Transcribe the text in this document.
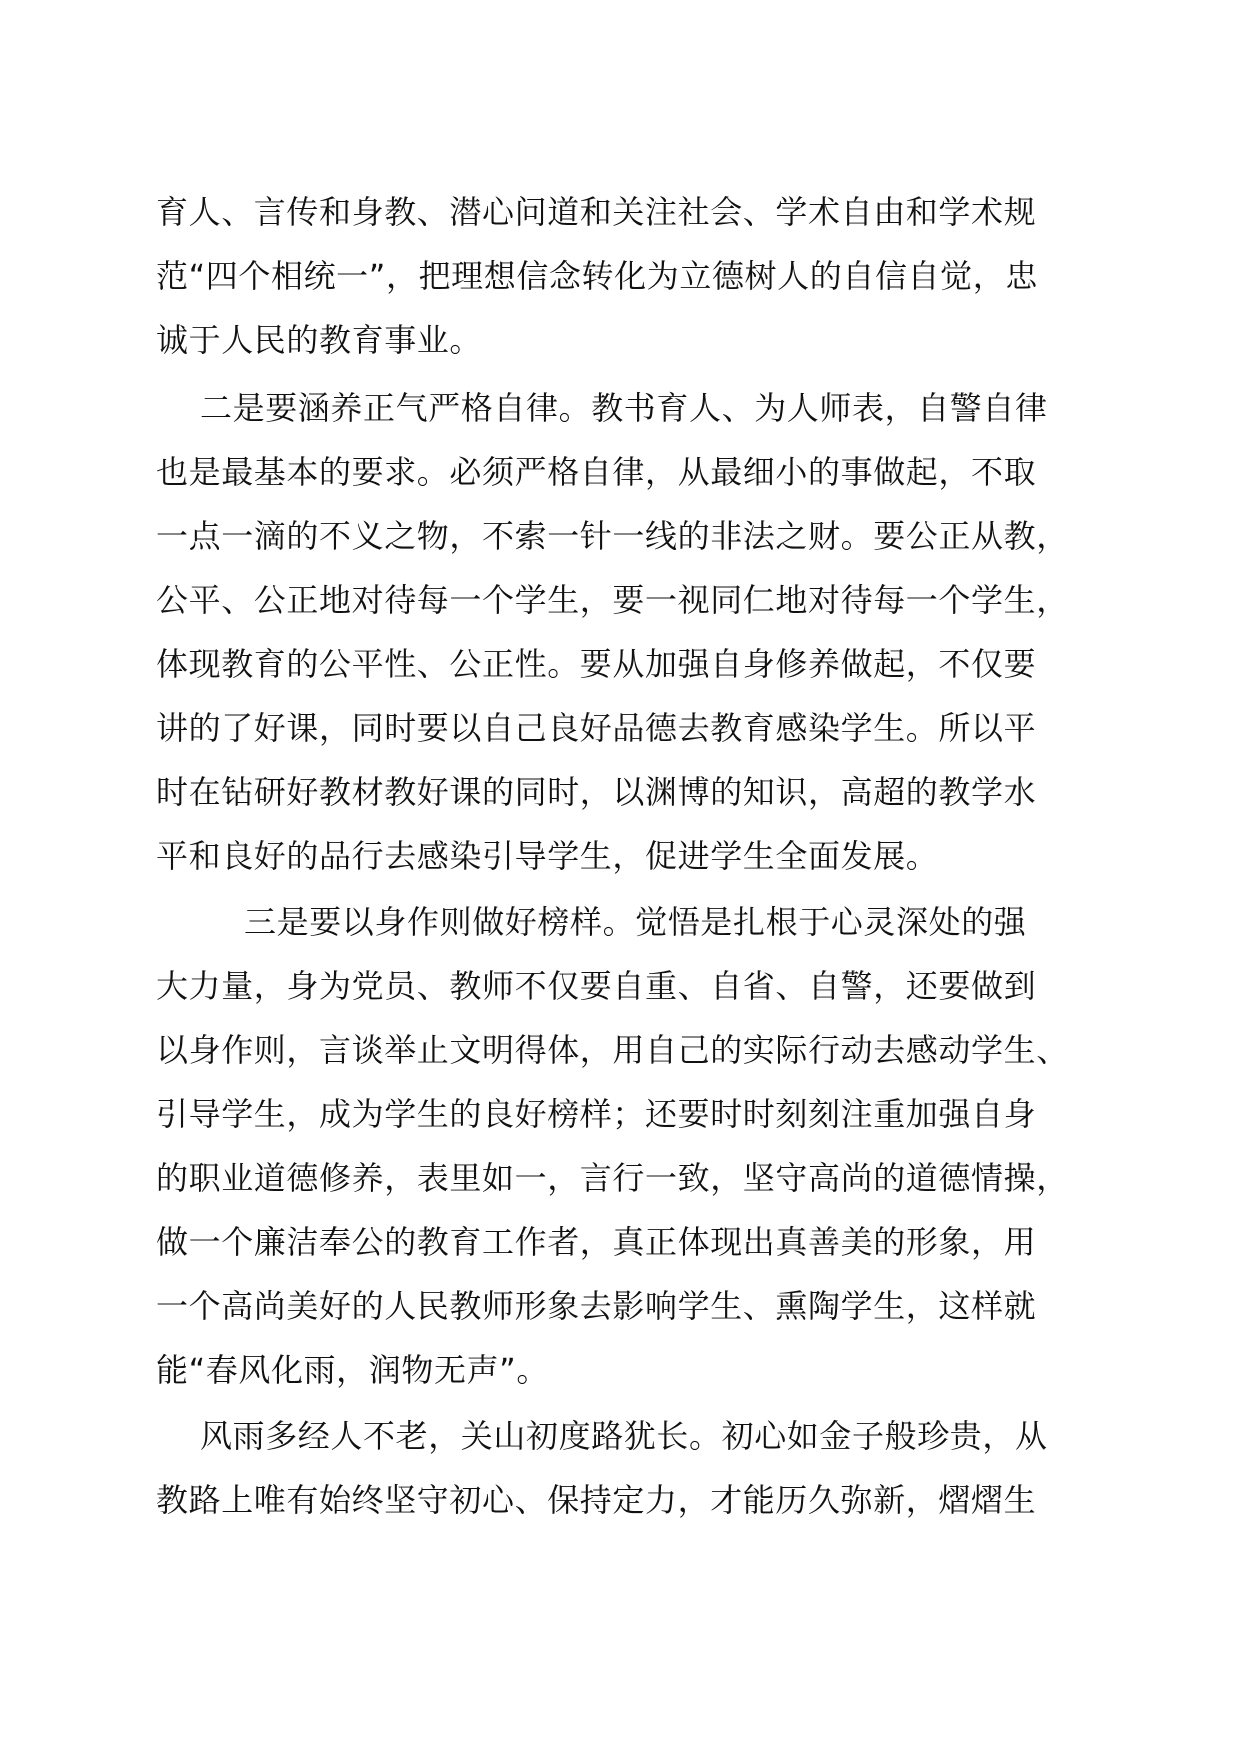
育人、言传和身教、潜心问道和关注社会、学术自由和学术规
范“四个相统一”，把理想信念转化为立德树人的自信自觉，忠
诚于人民的教育事业。
二是要涵养正气严格自律。教书育人、为人师表，自警自律
也是最基本的要求。必须严格自律，从最细小的事做起，不取
一点一滴的不义之物，不索一针一线的非法之财。要公正从教，
公平、公正地对待每一个学生，要一视同仁地对待每一个学生，
体现教育的公平性、公正性。要从加强自身修养做起，不仅要
讲的了好课，同时要以自己良好品德去教育感染学生。所以平
时在钻研好教材教好课的同时，以渊博的知识，高超的教学水
平和良好的品行去感染引导学生，促进学生全面发展。
三是要以身作则做好榜样。觉悟是扎根于心灵深处的强
大力量，身为党员、教师不仅要自重、自省、自警，还要做到
以身作则，言谈举止文明得体，用自己的实际行动去感动学生、
引导学生，成为学生的良好榜样；还要时时刻刻注重加强自身
的职业道德修养，表里如一，言行一致，坚守高尚的道德情操，
做一个廉洁奉公的教育工作者，真正体现出真善美的形象，用
一个高尚美好的人民教师形象去影响学生、熏陶学生，这样就
能“春风化雨，润物无声”。
风雨多经人不老，关山初度路犹长。初心如金子般珍贵，从
教路上唯有始终坚守初心、保持定力，才能历久弥新，熠熠生
